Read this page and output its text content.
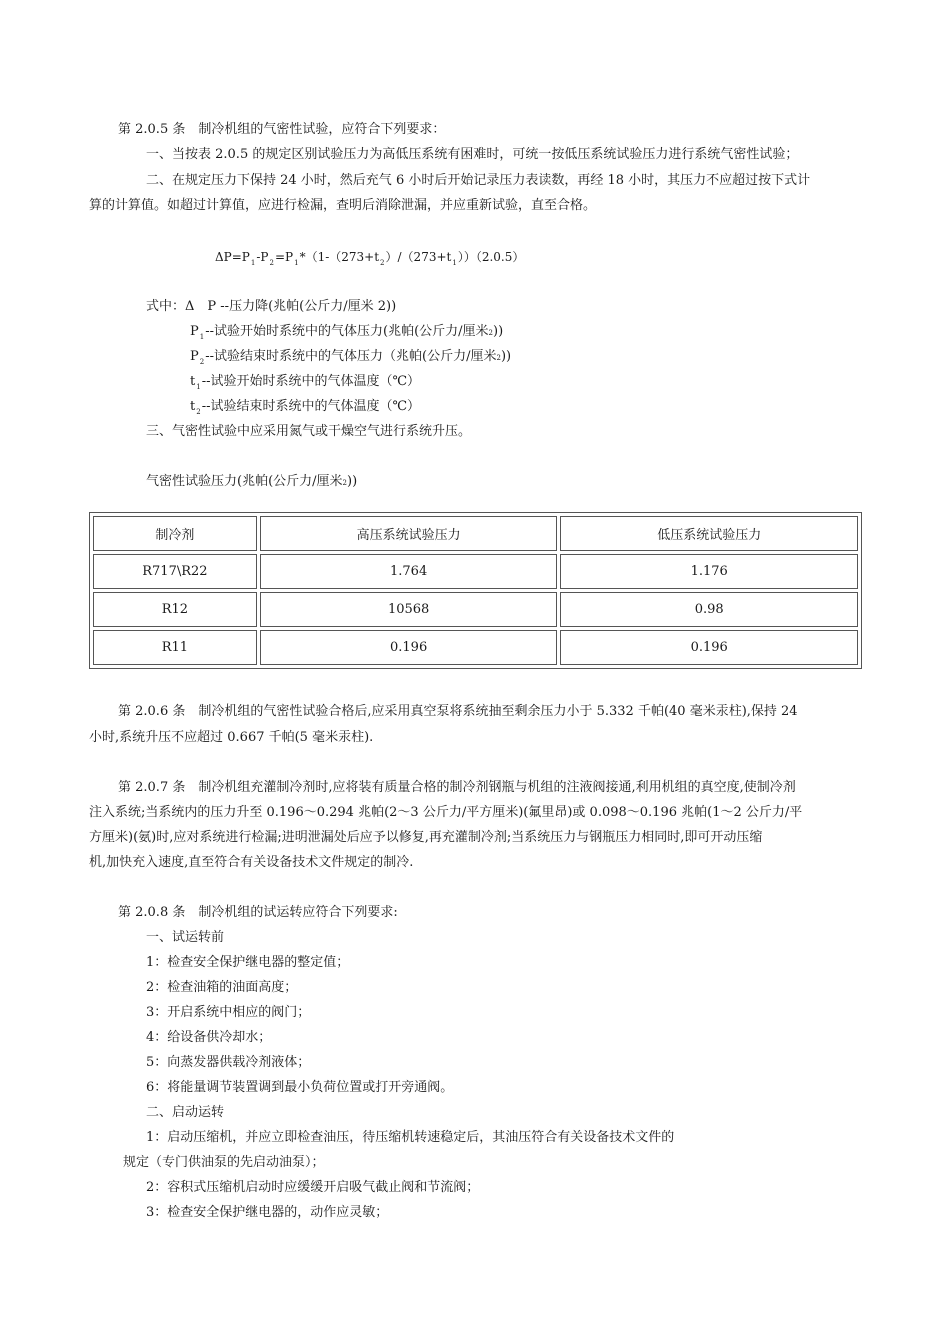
第 2.0.5 条　制冷机组的气密性试验，应符合下列要求：
一、当按表 2.0.5 的规定区别试验压力为高低压系统有困难时，可统一按低压系统试验压力进行系统气密性试验；
二、在规定压力下保持 24 小时，然后充气 6 小时后开始记录压力表读数，再经 18 小时，其压力不应超过按下式计
算的计算值。如超过计算值，应进行检漏，查明后消除泄漏，并应重新试验，直至合格。
$\Delta P=P_1-P_2=P_1*(1-(273+t_2)/(273+t_1))(2.0.5)$
式中：Δ　P --压力降(兆帕(公斤力/厘米 2))
$P_1--$试验开始时系统中的气体压力(兆帕(公斤力/厘米2))
$P_2--$试验结束时系统中的气体压力（兆帕(公斤力/厘米2))
$t_1--$试验开始时系统中的气体温度（℃）
$t_2--$试验结束时系统中的气体温度（℃）
三、气密性试验中应采用氮气或干燥空气进行系统升压。
气密性试验压力(兆帕(公斤力/厘米2))
制冷剂	高压系统试验压力	低压系统试验压力
R717\R22	1.764	1.176
R12	10568	0.98
R11	0.196	0.196
第 2.0.6 条　制冷机组的气密性试验合格后,应采用真空泵将系统抽至剩余压力小于 5.332 千帕(40 毫米汞柱),保持 24
小时,系统升压不应超过 0.667 千帕(5 毫米汞柱).
第 2.0.7 条　制冷机组充灌制冷剂时,应将装有质量合格的制冷剂钢瓶与机组的注液阀接通,利用机组的真空度,使制冷剂
注入系统;当系统内的压力升至 0.196～0.294 兆帕(2～3 公斤力/平方厘米)(氟里昂)或 0.098～0.196 兆帕(1～2 公斤力/平
方厘米)(氨)时,应对系统进行检漏;进明泄漏处后应予以修复,再充灌制冷剂;当系统压力与钢瓶压力相同时,即可开动压缩
机,加快充入速度,直至符合有关设备技术文件规定的制冷.
第 2.0.8 条　制冷机组的试运转应符合下列要求:
一、试运转前
1：检查安全保护继电器的整定值；
2：检查油箱的油面高度；
3：开启系统中相应的阀门；
4：给设备供冷却水；
5：向蒸发器供载冷剂液体；
6：将能量调节装置调到最小负荷位置或打开旁通阀。
二、启动运转
1：启动压缩机，并应立即检查油压，待压缩机转速稳定后，其油压符合有关设备技术文件的
规定（专门供油泵的先启动油泵）；
2：容积式压缩机启动时应缓缓开启吸气截止阀和节流阀；
3：检查安全保护继电器的，动作应灵敏；
